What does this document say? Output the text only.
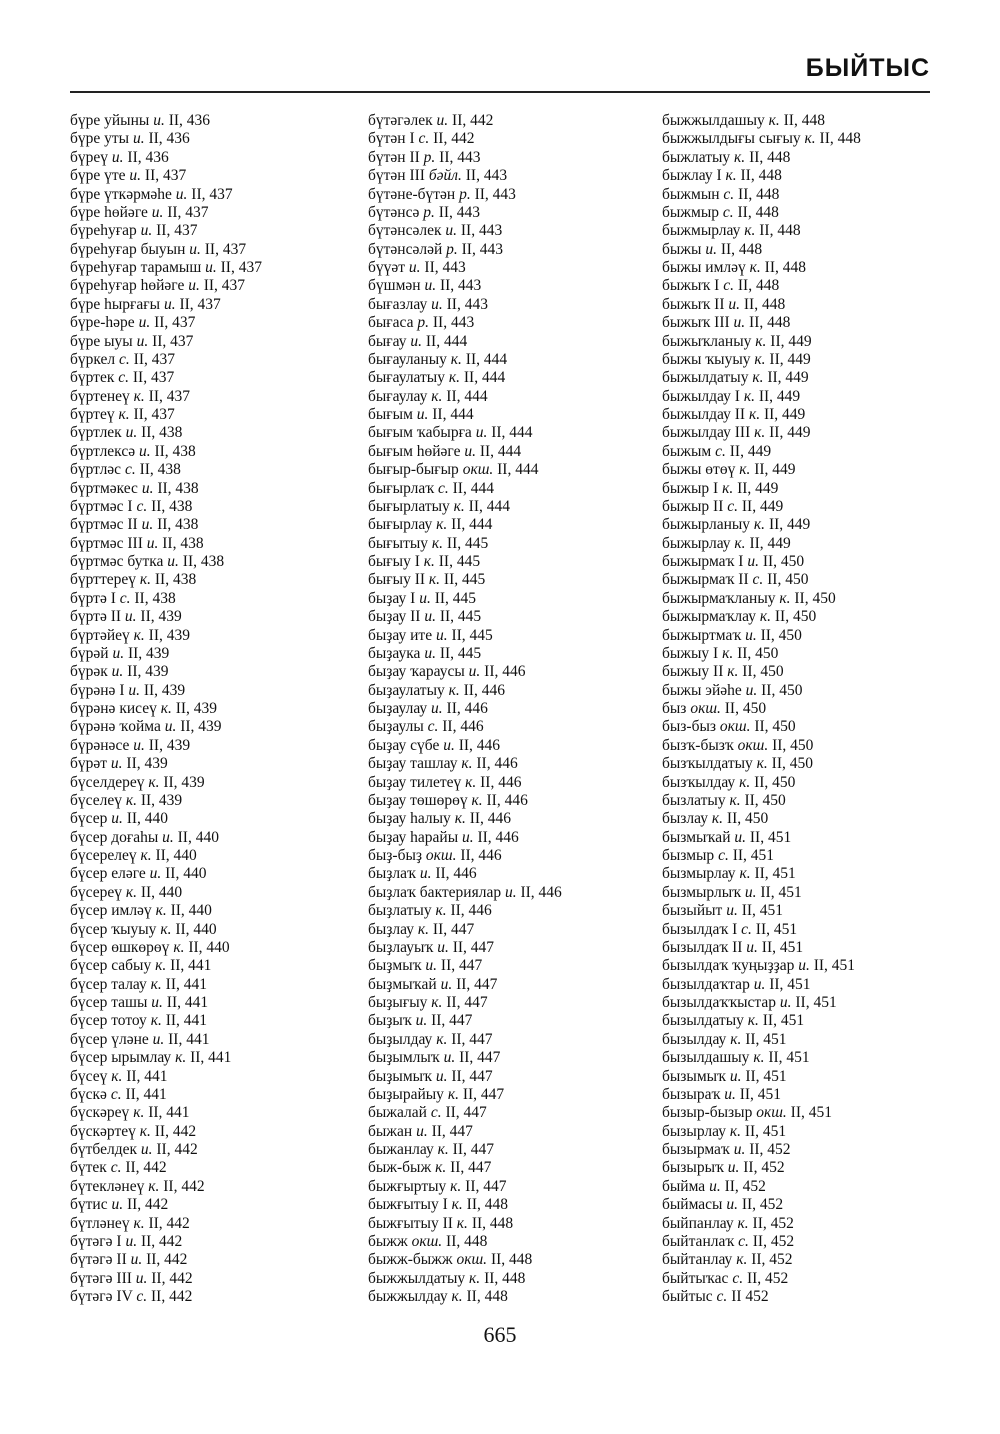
БЫЙТЫС
бүре уйыны и. II, 436
бүре уты и. II, 436
бүреү и. II, 436
бүре үте и. II, 437
бүре үткәрмәһе и. II, 437
бүре һөйәге и. II, 437
бүреһуғар и. II, 437
бүреһуғар быуын и. II, 437
бүреһуғар тарамыш и. II, 437
бүреһуғар һөйәге и. II, 437
бүре һырғағы и. II, 437
бүре-һәре и. II, 437
бүре ыуы и. II, 437
бүркел с. II, 437
бүртек с. II, 437
бүртенеү к. II, 437
бүртеү к. II, 437
бүртлек и. II, 438
бүртлексә и. II, 438
бүртләс с. II, 438
бүртмәкес и. II, 438
бүртмәс I с. II, 438
бүртмәс II и. II, 438
бүртмәс III и. II, 438
бүртмәс бутка и. II, 438
бүрттереү к. II, 438
бүртә I с. II, 438
бүртә II и. II, 439
бүртәйеү к. II, 439
бүрәй и. II, 439
бүрәк и. II, 439
бүрәнә I и. II, 439
бүрәнә кисеү к. II, 439
бүрәнә ҡойма и. II, 439
бүрәнәсе и. II, 439
бүрәт и. II, 439
бүселдереү к. II, 439
бүселеү к. II, 439
бүсер и. II, 440
бүсер доғаһы и. II, 440
бүсерелеү к. II, 440
бүсер еләге и. II, 440
бүсереү к. II, 440
бүсер имләү к. II, 440
бүсер ҡыуыу к. II, 440
бүсер өшкөрөү к. II, 440
бүсер сабыу к. II, 441
бүсер талау к. II, 441
бүсер ташы и. II, 441
бүсер тотоу к. II, 441
бүсер үләне и. II, 441
бүсер ырымлау к. II, 441
бүсеү к. II, 441
бүскә с. II, 441
бүскәреү к. II, 441
бүскәртеү к. II, 442
бүтбелдек и. II, 442
бүтек с. II, 442
бүтекләнеү к. II, 442
бүтис и. II, 442
бүтләнеү к. II, 442
бүтәгә I и. II, 442
бүтәгә II и. II, 442
бүтәгә III и. II, 442
бүтәгә IV с. II, 442
бүтәгәлек и. II, 442
бүтән I с. II, 442
бүтән II р. II, 443
бүтән III бәйл. II, 443
бүтәне-бүтән р. II, 443
бүтәнсә р. II, 443
бүтәнсәлек и. II, 443
бүтәнсәләй р. II, 443
бүүәт и. II, 443
бүшмән и. II, 443
бығазлау и. II, 443
бығаса р. II, 443
бығау и. II, 444
бығауланыу к. II, 444
бығаулатыу к. II, 444
бығаулау к. II, 444
бығым и. II, 444
бығым ҡабырға и. II, 444
бығым һөйәге и. II, 444
бығыр-бығыр окш. II, 444
бығырлаҡ с. II, 444
бығырлатыу к. II, 444
бығырлау к. II, 444
бығытыу к. II, 445
бығыу I к. II, 445
бығыу II к. II, 445
быҙау I и. II, 445
быҙау II и. II, 445
быҙау ите и. II, 445
быҙаука и. II, 445
быҙау ҡараусы и. II, 446
быҙаулатыу к. II, 446
быҙаулау и. II, 446
быҙаулы с. II, 446
быҙау сүбе и. II, 446
быҙау ташлау к. II, 446
быҙау тилетеү к. II, 446
быҙау төшөрөү к. II, 446
быҙау һалыу к. II, 446
быҙау һарайы и. II, 446
быҙ-быҙ окш. II, 446
быҙлаҡ и. II, 446
быҙлаҡ бактериялар и. II, 446
быҙлатыу к. II, 446
быҙлау к. II, 447
быҙлауыҡ и. II, 447
быҙмыҡ и. II, 447
быҙмыҡай и. II, 447
быҙығыу к. II, 447
быҙыҡ и. II, 447
быҙылдау к. II, 447
быҙымлыҡ и. II, 447
быҙымыҡ и. II, 447
быҙырайыу к. II, 447
быжалай с. II, 447
быжан и. II, 447
быжанлау к. II, 447
быж-быж к. II, 447
быжғыртыу к. II, 447
быжғытыу I к. II, 448
быжғытыу II к. II, 448
быжж окш. II, 448
быжж-быжж окш. II, 448
быжжылдатыу к. II, 448
быжжылдау к. II, 448
быжжылдашыу к. II, 448
быжжылдығы сығыу к. II, 448
быжлатыу к. II, 448
быжлау I к. II, 448
быжмын с. II, 448
быжмыр с. II, 448
быжмырлау к. II, 448
быжы и. II, 448
быжы имләү к. II, 448
быжыҡ I с. II, 448
быжыҡ II и. II, 448
быжыҡ III и. II, 448
быжыҡланыу к. II, 449
быжы ҡыуыу к. II, 449
быжылдатыу к. II, 449
быжылдау I к. II, 449
быжылдау II к. II, 449
быжылдау III к. II, 449
быжым с. II, 449
быжы өтөү к. II, 449
быжыр I к. II, 449
быжыр II с. II, 449
быжырланыу к. II, 449
быжырлау к. II, 449
быжырмаҡ I и. II, 450
быжырмаҡ II с. II, 450
быжырмаҡланыу к. II, 450
быжырмаҡлау к. II, 450
быжыртмаҡ и. II, 450
быжыу I к. II, 450
быжыу II к. II, 450
быжы эйәһе и. II, 450
быз окш. II, 450
быз-быз окш. II, 450
бызҡ-бызҡ окш. II, 450
бызҡылдатыу к. II, 450
бызҡылдау к. II, 450
бызлатыу к. II, 450
бызлау к. II, 450
бызмыҡай и. II, 451
бызмыр с. II, 451
бызмырлау к. II, 451
бызмырлыҡ и. II, 451
бызыйыт и. II, 451
бызылдаҡ I с. II, 451
бызылдаҡ II и. II, 451
бызылдаҡ ҡуңыҙҙар и. II, 451
бызылдаҡтар и. II, 451
бызылдаҡҡыстар и. II, 451
бызылдатыу к. II, 451
бызылдау к. II, 451
бызылдашыу к. II, 451
бызымыҡ и. II, 451
бызыраҡ и. II, 451
бызыр-бызыр окш. II, 451
бызырлау к. II, 451
бызырмаҡ и. II, 452
бызырыҡ и. II, 452
быйма и. II, 452
быймасы и. II, 452
быйпанлау к. II, 452
быйтанлаҡ с. II, 452
быйтанлау к. II, 452
быйтыҡас с. II, 452
быйтыс с. II 452
665
